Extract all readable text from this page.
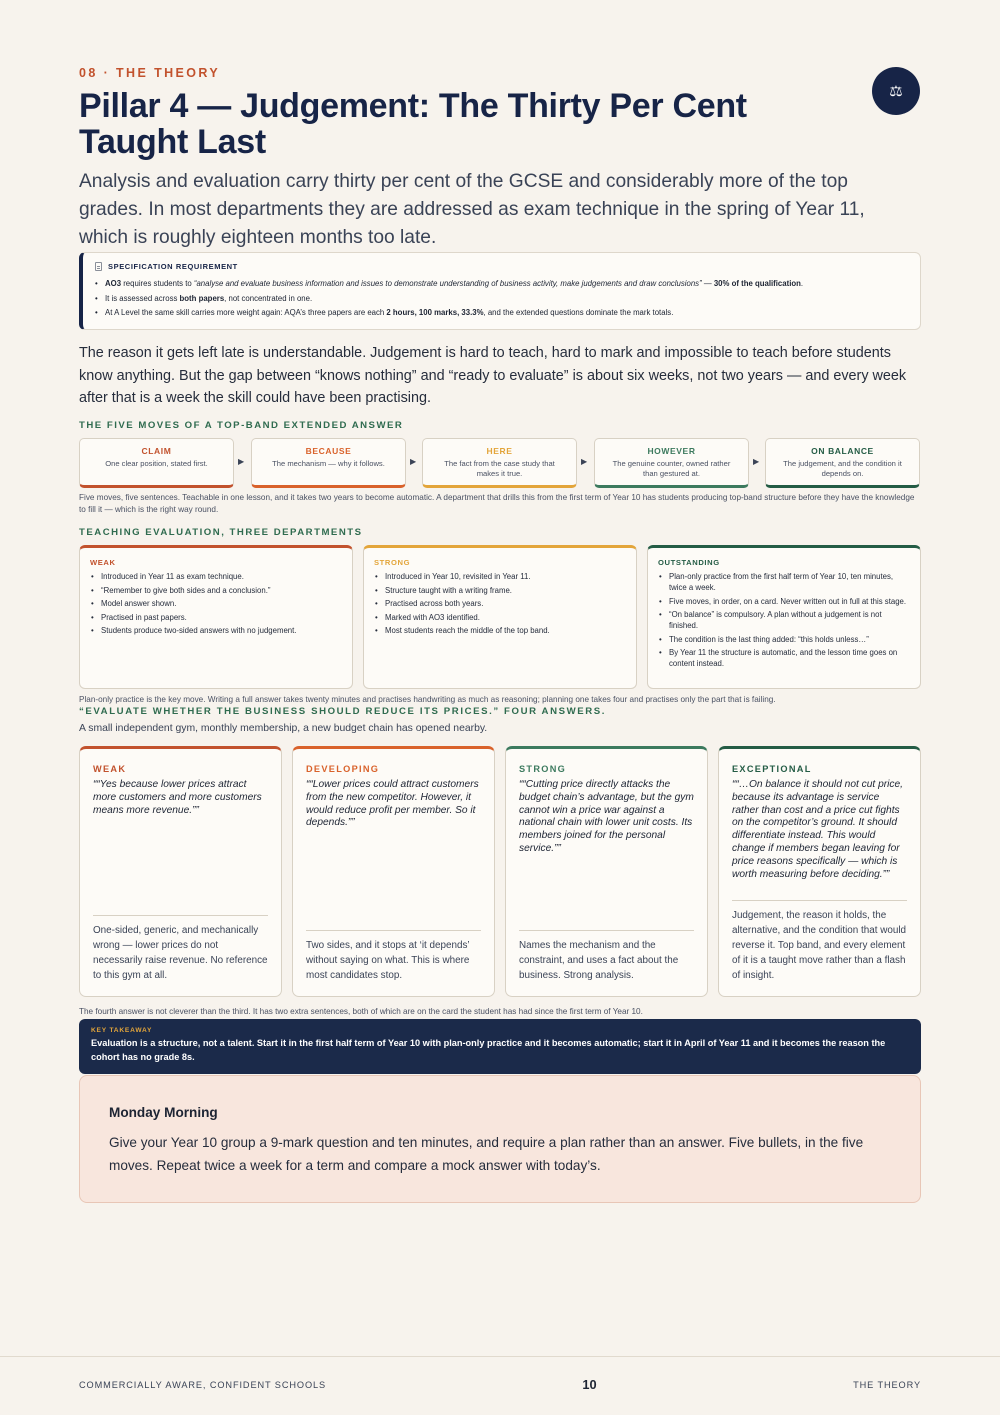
08 · THE THEORY
⚖
Pillar 4 — Judgement: The Thirty Per Cent Taught Last

Analysis and evaluation carry thirty per cent of the GCSE and considerably more of the top grades. In most departments they are addressed as exam technique in the spring of Year 11, which is roughly eighteen months too late.

SPECIFICATION REQUIREMENT
• AO3 requires students to “analyse and evaluate business information and issues to demonstrate understanding of business activity, make judgements and draw conclusions” — 30% of the qualification.
• It is assessed across both papers, not concentrated in one.
• At A Level the same skill carries more weight again: AQA’s three papers are each 2 hours, 100 marks, 33.3%, and the extended questions dominate the mark totals.

The reason it gets left late is understandable. Judgement is hard to teach, hard to mark and impossible to teach before students know anything. But the gap between “knows nothing” and “ready to evaluate” is about six weeks, not two years — and every week after that is a week the skill could have been practising.

THE FIVE MOVES OF A TOP-BAND EXTENDED ANSWER
CLAIM
One clear position, stated first.	▶
BECAUSE
The mechanism — why it follows.	▶
HERE
The fact from the case study that makes it true.
▶
HOWEVER
The genuine counter, owned rather than gestured at.
▶
ON BALANCE
The judgement, and the condition it depends on.

Five moves, five sentences. Teachable in one lesson, and it takes two years to become automatic. A department that drills this from the first term of Year 10 has students producing top-band structure before they have the knowledge to fill it — which is the right way round.

TEACHING EVALUATION, THREE DEPARTMENTS
WEAK
• Introduced in Year 11 as exam technique.
• “Remember to give both sides and a conclusion.”
• Model answer shown.
• Practised in past papers.
• Students produce two-sided answers with no judgement.
STRONG
• Introduced in Year 10, revisited in Year 11.
• Structure taught with a writing frame.
• Practised across both years.
• Marked with AO3 identified.
• Most students reach the middle of the top band.
OUTSTANDING
• Plan-only practice from the first half term of Year 10, ten minutes, twice a week.
• Five moves, in order, on a card. Never written out in full at this stage.
• “On balance” is compulsory. A plan without a judgement is not finished.
• The condition is the last thing added: “this holds unless…”
• By Year 11 the structure is automatic, and the lesson time goes on content instead.

Plan-only practice is the key move. Writing a full answer takes twenty minutes and practises handwriting as much as reasoning; planning one takes four and practises only the part that is failing.

“EVALUATE WHETHER THE BUSINESS SHOULD REDUCE ITS PRICES.” FOUR ANSWERS.

A small independent gym, monthly membership, a new budget chain has opened nearby.

WEAK
““Yes because lower prices attract more customers and more customers means more revenue.””
One-sided, generic, and mechanically wrong — lower prices do not necessarily raise revenue. No reference to this gym at all.
DEVELOPING
““Lower prices could attract customers from the new competitor. However, it would reduce profit per member. So it depends.””
Two sides, and it stops at ‘it depends’ without saying on what. This is where most candidates stop.
STRONG
““Cutting price directly attacks the budget chain’s advantage, but the gym cannot win a price war against a national chain with lower unit costs. Its members joined for the personal service.””
Names the mechanism and the constraint, and uses a fact about the business. Strong analysis.
EXCEPTIONAL
““…On balance it should not cut price, because its advantage is service rather than cost and a price cut fights on the competitor’s ground. It should differentiate instead. This would change if members began leaving for price reasons specifically — which is worth measuring before deciding.””
Judgement, the reason it holds, the alternative, and the condition that would reverse it. Top band, and every element of it is a taught move rather than a flash of insight.

The fourth answer is not cleverer than the third. It has two extra sentences, both of which are on the card the student has had since the first term of Year 10.

KEY TAKEAWAY
Evaluation is a structure, not a talent. Start it in the first half term of Year 10 with plan-only practice and it becomes automatic; start it in April of Year 11 and it becomes the reason the cohort has no grade 8s.
Monday Morning

Give your Year 10 group a 9-mark question and ten minutes, and require a plan rather than an answer. Five bullets, in the five moves. Repeat twice a week for a term and compare a mock answer with today’s.

COMMERCIALLY AWARE, CONFIDENT SCHOOLS	10	THE THEORY
